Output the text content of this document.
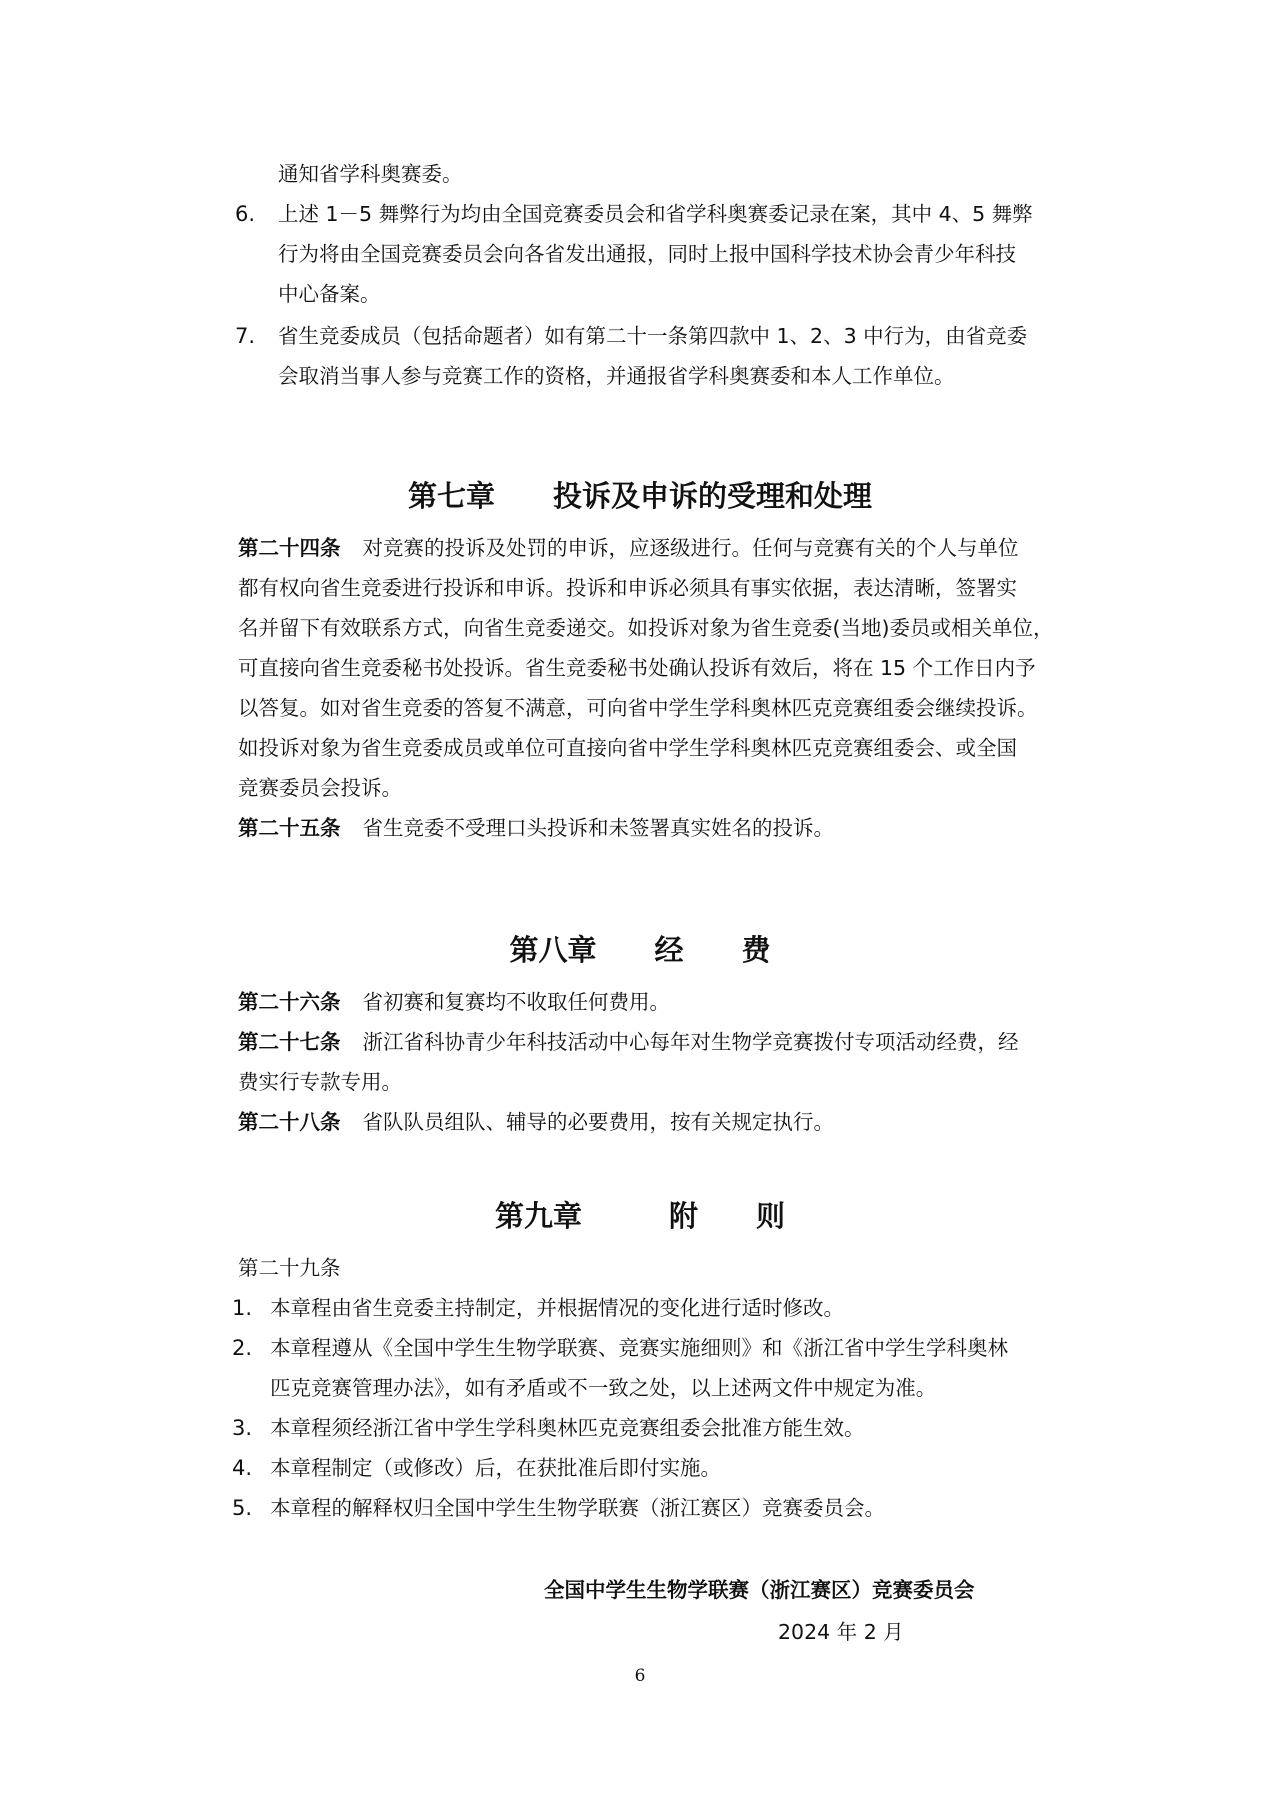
通知省学科奥赛委。
6. 上述 1－5 舞弊行为均由全国竞赛委员会和省学科奥赛委记录在案，其中 4、5 舞弊
行为将由全国竞赛委员会向各省发出通报，同时上报中国科学技术协会青少年科技
中心备案。
7. 省生竞委成员（包括命题者）如有第二十一条第四款中 1、2、3 中行为，由省竞委
会取消当事人参与竞赛工作的资格，并通报省学科奥赛委和本人工作单位。
第七章　　投诉及申诉的受理和处理
第二十四条 对竞赛的投诉及处罚的申诉，应逐级进行。任何与竞赛有关的个人与单位
都有权向省生竞委进行投诉和申诉。投诉和申诉必须具有事实依据，表达清晰，签署实
名并留下有效联系方式，向省生竞委递交。如投诉对象为省生竞委(当地)委员或相关单位，
可直接向省生竞委秘书处投诉。省生竞委秘书处确认投诉有效后，将在 15 个工作日内予
以答复。如对省生竞委的答复不满意，可向省中学生学科奥林匹克竞赛组委会继续投诉。
如投诉对象为省生竞委成员或单位可直接向省中学生学科奥林匹克竞赛组委会、或全国
竞赛委员会投诉。
第二十五条 省生竞委不受理口头投诉和未签署真实姓名的投诉。
第八章　　经　　费
第二十六条 省初赛和复赛均不收取任何费用。
第二十七条 浙江省科协青少年科技活动中心每年对生物学竞赛拨付专项活动经费，经
费实行专款专用。
第二十八条 省队队员组队、辅导的必要费用，按有关规定执行。
第九章　　　附　　则
第二十九条
1. 本章程由省生竞委主持制定，并根据情况的变化进行适时修改。
2. 本章程遵从《全国中学生生物学联赛、竞赛实施细则》和《浙江省中学生学科奥林
匹克竞赛管理办法》，如有矛盾或不一致之处，以上述两文件中规定为准。
3. 本章程须经浙江省中学生学科奥林匹克竞赛组委会批准方能生效。
4. 本章程制定（或修改）后，在获批准后即付实施。
5. 本章程的解释权归全国中学生生物学联赛（浙江赛区）竞赛委员会。
全国中学生生物学联赛（浙江赛区）竞赛委员会
2024 年 2 月
6
